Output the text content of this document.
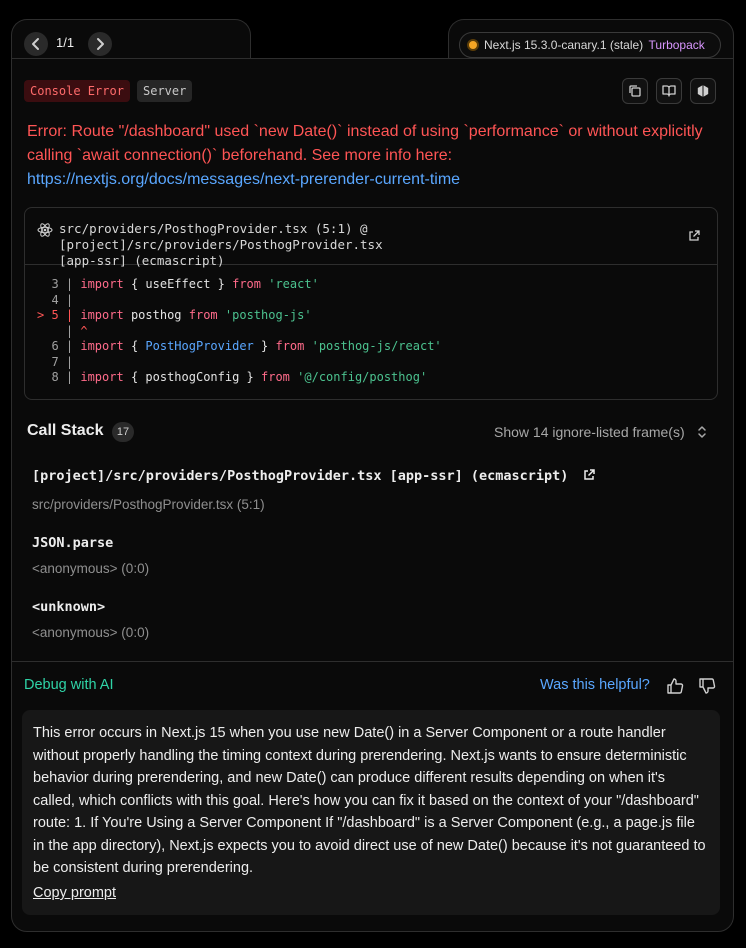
1/1	Next.js 15.3.0-canary.1 (stale) Turbopack
Console Error	Server
Error: Route "/dashboard" used `new Date()` instead of using `performance` or without explicitly calling `await connection()` beforehand. See more info here:
https://nextjs.org/docs/messages/next-prerender-current-time
src/providers/PosthogProvider.tsx (5:1) @ [project]/src/providers/PosthogProvider.tsx
[app-ssr] (ecmascript)
3 | import { useEffect } from 'react'
4 |
> 5 | import posthog from 'posthog-js'
| ^
6 | import { PostHogProvider } from 'posthog-js/react'
7 |
8 | import { posthogConfig } from '@/config/posthog'
Call Stack	17	Show 14 ignore-listed frame(s)
[project]/src/providers/PosthogProvider.tsx [app-ssr] (ecmascript)
src/providers/PosthogProvider.tsx (5:1)
JSON.parse
<anonymous> (0:0)
<unknown>
<anonymous> (0:0)
Debug with AI	Was this helpful?
This error occurs in Next.js 15 when you use new Date() in a Server Component or a route handler without properly handling the timing context during prerendering. Next.js wants to ensure deterministic behavior during prerendering, and new Date() can produce different results depending on when it's called, which conflicts with this goal. Here's how you can fix it based on the context of your "/dashboard" route: 1. If You're Using a Server Component If "/dashboard" is a Server Component (e.g., a page.js file in the app directory), Next.js expects you to avoid direct use of new Date() because it's not guaranteed to be consistent during prerendering.
Copy prompt
